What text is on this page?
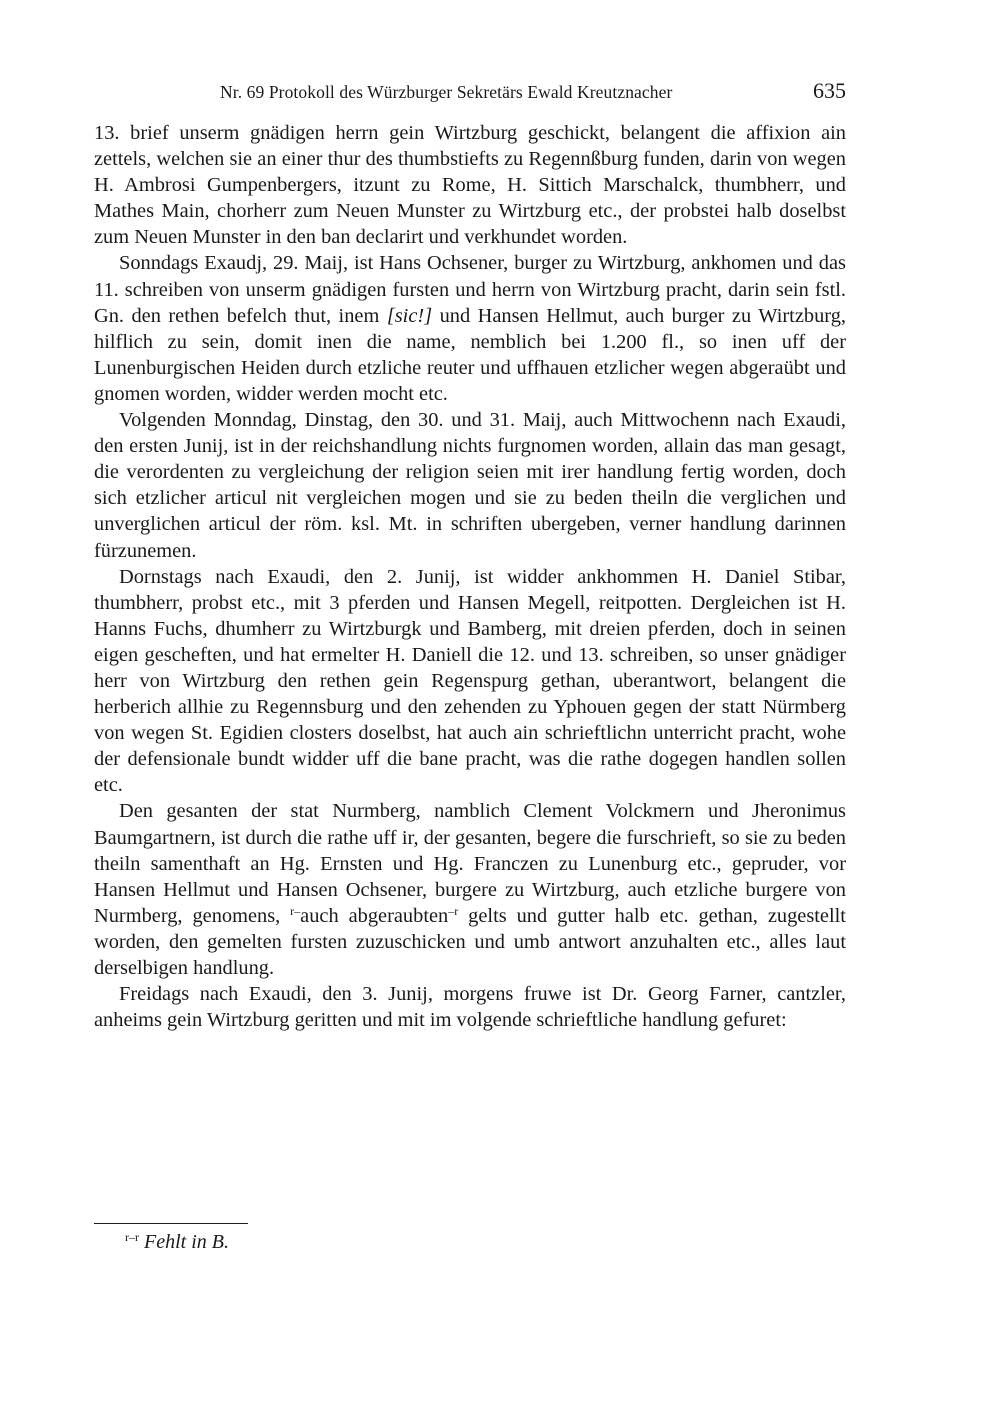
Nr. 69 Protokoll des Würzburger Sekretärs Ewald Kreutznacher	635

13. brief unserm gnädigen herrn gein Wirtzburg geschickt, belangent die affixion ain zettels, welchen sie an einer thur des thumbstiefts zu Regennßburg funden, darin von wegen H. Ambrosi Gumpenbergers, itzunt zu Rome, H. Sittich Marschalck, thumbherr, und Mathes Main, chorherr zum Neuen Munster zu Wirtzburg etc., der probstei halb doselbst zum Neuen Munster in den ban declarirt und verkhundet worden.

Sonndags Exaudj, 29. Maij, ist Hans Ochsener, burger zu Wirtzburg, ankhomen und das 11. schreiben von unserm gnädigen fursten und herrn von Wirtzburg pracht, darin sein fstl. Gn. den rethen befelch thut, inem [sic!] und Hansen Hellmut, auch burger zu Wirtzburg, hilflich zu sein, domit inen die name, nemblich bei 1.200 fl., so inen uff der Lunenburgischen Heiden durch etzliche reuter und uffhauen etzlicher wegen abgeraübt und gnomen worden, widder werden mocht etc.

Volgenden Monndag, Dinstag, den 30. und 31. Maij, auch Mittwochenn nach Exaudi, den ersten Junij, ist in der reichshandlung nichts furgnomen worden, allain das man gesagt, die verordenten zu vergleichung der religion seien mit irer handlung fertig worden, doch sich etzlicher articul nit vergleichen mogen und sie zu beden theiln die verglichen und unverglichen articul der röm. ksl. Mt. in schriften ubergeben, verner handlung darinnen fürzunemen.

Dornstags nach Exaudi, den 2. Junij, ist widder ankhommen H. Daniel Stibar, thumbherr, probst etc., mit 3 pferden und Hansen Megell, reitpotten. Dergleichen ist H. Hanns Fuchs, dhumherr zu Wirtzburgk und Bamberg, mit dreien pferden, doch in seinen eigen gescheften, und hat ermelter H. Daniell die 12. und 13. schreiben, so unser gnädiger herr von Wirtzburg den rethen gein Regenspurg gethan, uberantwort, belangent die herberich allhie zu Regennsburg und den zehenden zu Yphouen gegen der statt Nürmberg von wegen St. Egidien closters doselbst, hat auch ain schrieftlichn unterricht pracht, wohe der defensionale bundt widder uff die bane pracht, was die rathe dogegen handlen sollen etc.

Den gesanten der stat Nurmberg, namblich Clement Volckmern und Jheronimus Baumgartnern, ist durch die rathe uff ir, der gesanten, begere die furschrieft, so sie zu beden theiln samenthaft an Hg. Ernsten und Hg. Franczen zu Lunenburg etc., gepruder, vor Hansen Hellmut und Hansen Ochsener, burgere zu Wirtzburg, auch etzliche burgere von Nurmberg, genomens, $^{r-}$auch abgeraubten$^{-r}$ gelts und gutter halb etc. gethan, zugestellt worden, den gemelten fursten zuzuschicken und umb antwort anzuhalten etc., alles laut derselbigen handlung.

Freidags nach Exaudi, den 3. Junij, morgens fruwe ist Dr. Georg Farner, cantzler, anheims gein Wirtzburg geritten und mit im volgende schrieftliche handlung gefuret:

$^{r-r}$ Fehlt in B.
